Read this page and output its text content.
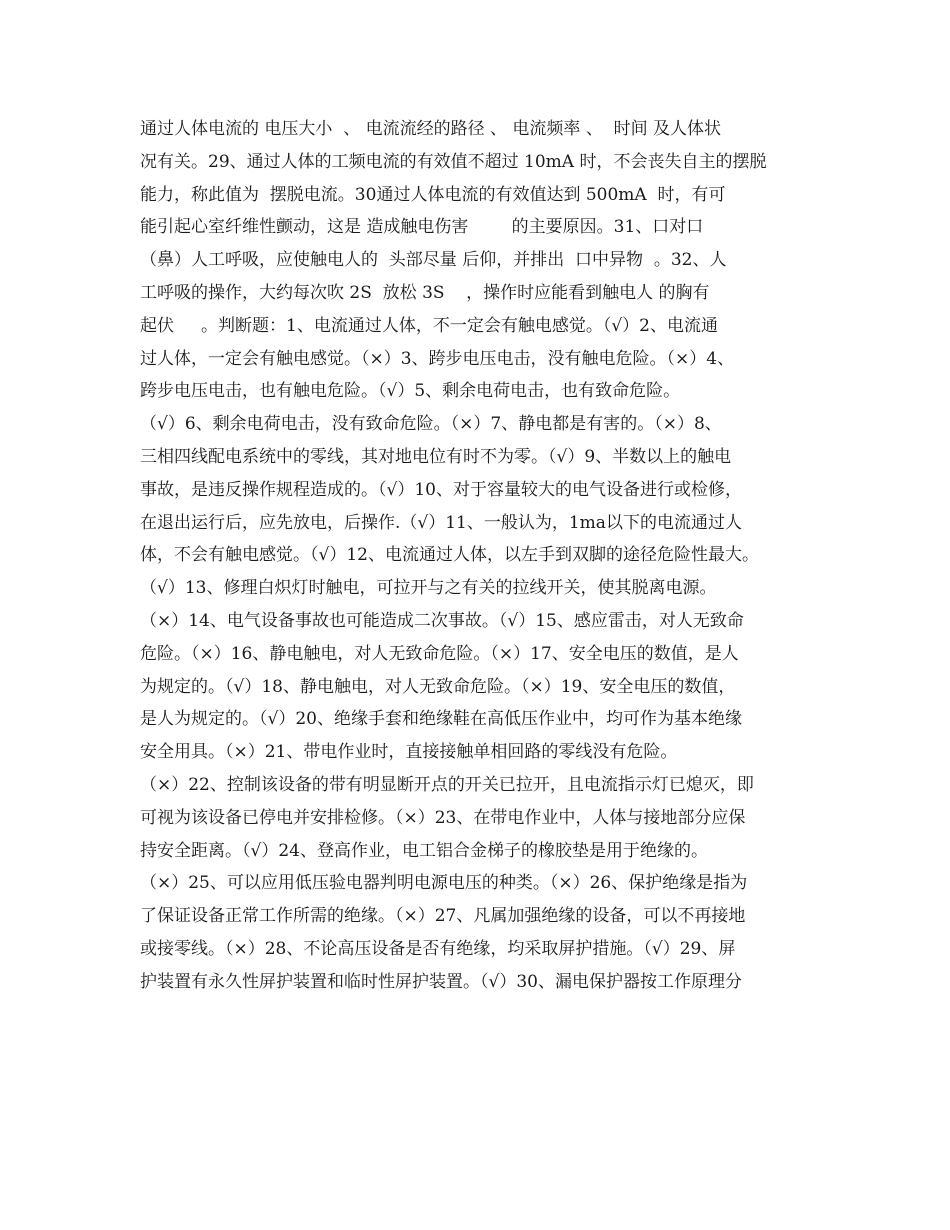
通过人体电流的 电压大小  、 电流流经的路径 、 电流频率 、  时间 及人体状
况有关。29、通过人体的工频电流的有效值不超过 10mA 时，不会丧失自主的摆脱
能力，称此值为  摆脱电流。30通过人体电流的有效值达到 500mA  时，有可
能引起心室纤维性颤动，这是 造成触电伤害        的主要原因。31、口对口
（鼻）人工呼吸，应使触电人的  头部尽量 后仰，并排出  口中异物  。32、人
工呼吸的操作，大约每次吹 2S  放松 3S    ，操作时应能看到触电人 的胸有
起伏     。判断题：1、电流通过人体，不一定会有触电感觉。（√）2、电流通
过人体，一定会有触电感觉。（×）3、跨步电压电击，没有触电危险。（×）4、
跨步电压电击，也有触电危险。（√）5、剩余电荷电击，也有致命危险。
（√）6、剩余电荷电击，没有致命危险。（×）7、静电都是有害的。（×）8、
三相四线配电系统中的零线，其对地电位有时不为零。（√）9、半数以上的触电
事故，是违反操作规程造成的。（√）10、对于容量较大的电气设备进行或检修，
在退出运行后，应先放电，后操作.（√）11、一般认为，1ma以下的电流通过人
体，不会有触电感觉。（√）12、电流通过人体，以左手到双脚的途径危险性最大。
（√）13、修理白炽灯时触电，可拉开与之有关的拉线开关，使其脱离电源。
（×）14、电气设备事故也可能造成二次事故。（√）15、感应雷击，对人无致命
危险。（×）16、静电触电，对人无致命危险。（×）17、安全电压的数值，是人
为规定的。（√）18、静电触电，对人无致命危险。（×）19、安全电压的数值，
是人为规定的。（√）20、绝缘手套和绝缘鞋在高低压作业中，均可作为基本绝缘
安全用具。（×）21、带电作业时，直接接触单相回路的零线没有危险。
（×）22、控制该设备的带有明显断开点的开关已拉开，且电流指示灯已熄灭，即
可视为该设备已停电并安排检修。（×）23、在带电作业中，人体与接地部分应保
持安全距离。（√）24、登高作业，电工铝合金梯子的橡胶垫是用于绝缘的。
（×）25、可以应用低压验电器判明电源电压的种类。（×）26、保护绝缘是指为
了保证设备正常工作所需的绝缘。（×）27、凡属加强绝缘的设备，可以不再接地
或接零线。（×）28、不论高压设备是否有绝缘，均采取屏护措施。（√）29、屏
护装置有永久性屏护装置和临时性屏护装置。（√）30、漏电保护器按工作原理分
